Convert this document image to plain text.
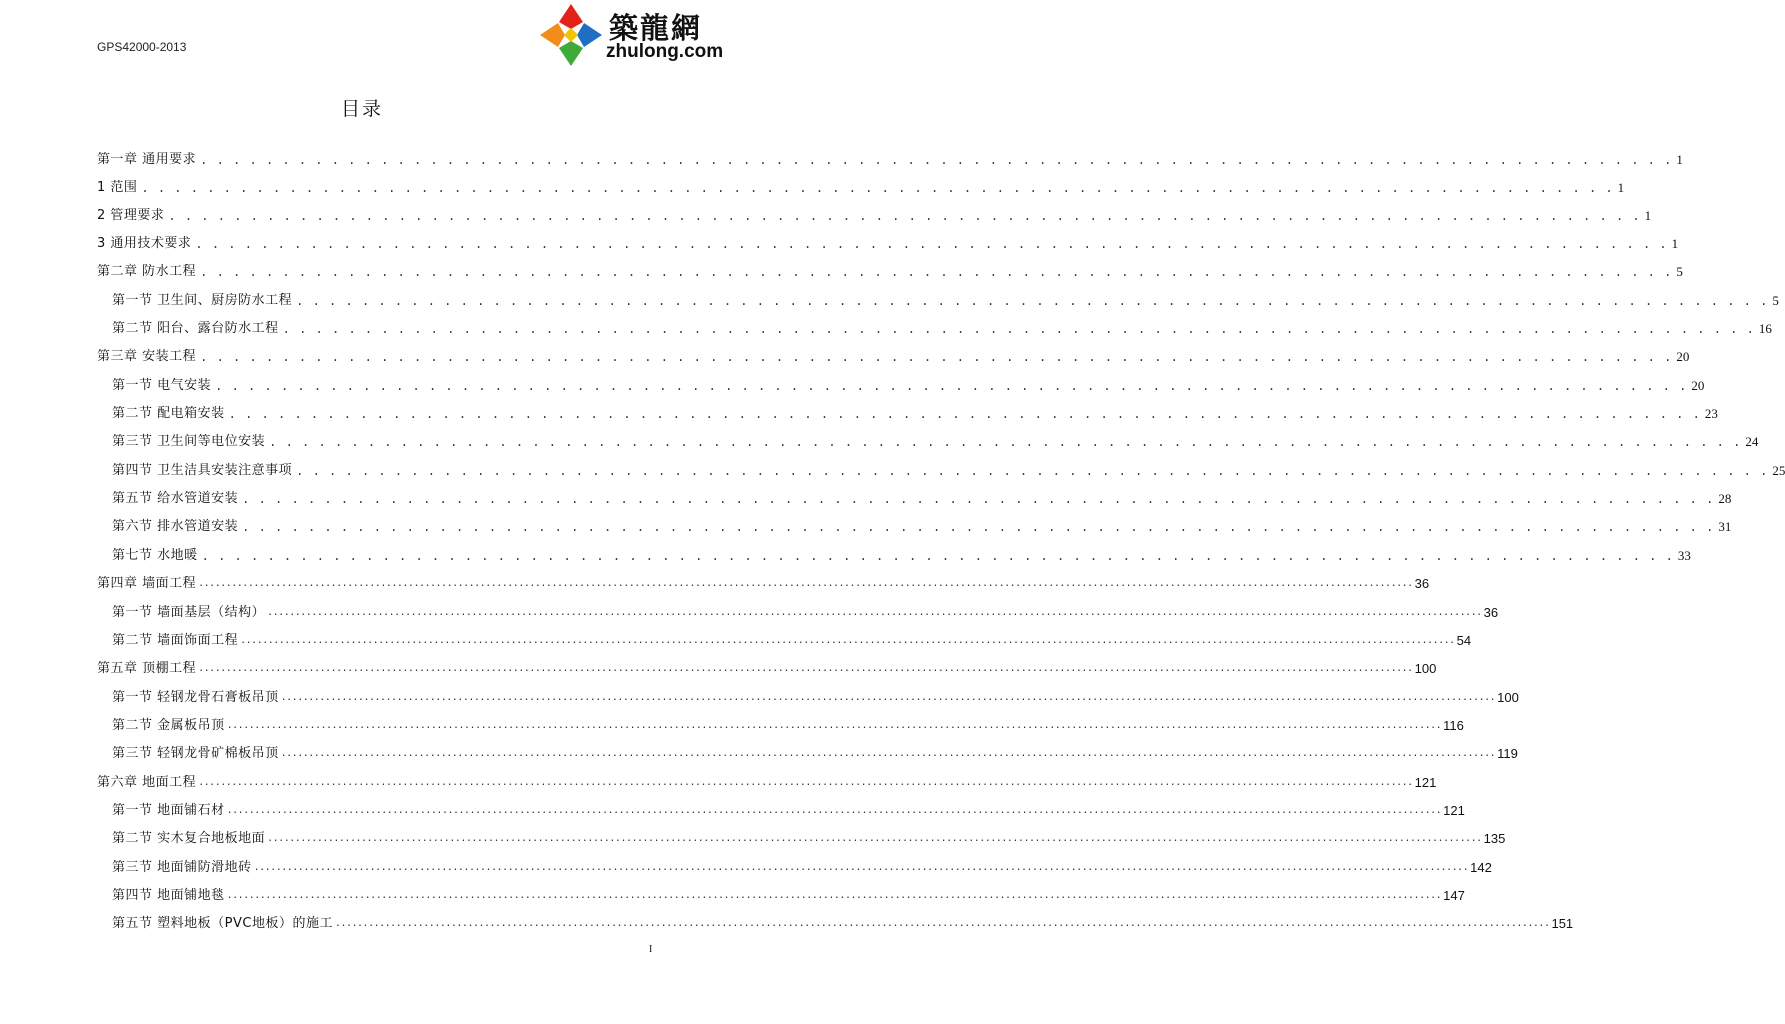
GPS42000-2013
築龍網
zhulong.com
目录
第一章 通用要求 . . . . . . . . . . . . . . . . . . . . . . . . . . . . . . . . . . . . . . . . . . . . . . . . . . . . . . . . . . . . . . . . . . . . . . . . . . . . . . . . . . . . . . . . . . 1
1 范围 . . . . . . . . . . . . . . . . . . . . . . . . . . . . . . . . . . . . . . . . . . . . . . . . . . . . . . . . . . . . . . . . . . . . . . . . . . . . . . . . . . . . . . . . . . 1
2 管理要求 . . . . . . . . . . . . . . . . . . . . . . . . . . . . . . . . . . . . . . . . . . . . . . . . . . . . . . . . . . . . . . . . . . . . . . . . . . . . . . . . . . . . . . . . . . 1
3 通用技术要求 . . . . . . . . . . . . . . . . . . . . . . . . . . . . . . . . . . . . . . . . . . . . . . . . . . . . . . . . . . . . . . . . . . . . . . . . . . . . . . . . . . . . . . . . . . 1
第二章 防水工程 . . . . . . . . . . . . . . . . . . . . . . . . . . . . . . . . . . . . . . . . . . . . . . . . . . . . . . . . . . . . . . . . . . . . . . . . . . . . . . . . . . . . . . . . . . 5
第一节 卫生间、厨房防水工程 . . . . . . . . . . . . . . . . . . . . . . . . . . . . . . . . . . . . . . . . . . . . . . . . . . . . . . . . . . . . . . . . . . . . . . . . . . . . . . . . . . . . . . . . . . 5
第二节 阳台、露台防水工程 . . . . . . . . . . . . . . . . . . . . . . . . . . . . . . . . . . . . . . . . . . . . . . . . . . . . . . . . . . . . . . . . . . . . . . . . . . . . . . . . . . . . . . . . . . 16
第三章 安装工程 . . . . . . . . . . . . . . . . . . . . . . . . . . . . . . . . . . . . . . . . . . . . . . . . . . . . . . . . . . . . . . . . . . . . . . . . . . . . . . . . . . . . . . . . . . 20
第一节 电气安装 . . . . . . . . . . . . . . . . . . . . . . . . . . . . . . . . . . . . . . . . . . . . . . . . . . . . . . . . . . . . . . . . . . . . . . . . . . . . . . . . . . . . . . . . . . 20
第二节 配电箱安装 . . . . . . . . . . . . . . . . . . . . . . . . . . . . . . . . . . . . . . . . . . . . . . . . . . . . . . . . . . . . . . . . . . . . . . . . . . . . . . . . . . . . . . . . . . 23
第三节 卫生间等电位安装 . . . . . . . . . . . . . . . . . . . . . . . . . . . . . . . . . . . . . . . . . . . . . . . . . . . . . . . . . . . . . . . . . . . . . . . . . . . . . . . . . . . . . . . . . . 24
第四节 卫生洁具安装注意事项 . . . . . . . . . . . . . . . . . . . . . . . . . . . . . . . . . . . . . . . . . . . . . . . . . . . . . . . . . . . . . . . . . . . . . . . . . . . . . . . . . . . . . . . . . . 25
第五节 给水管道安装 . . . . . . . . . . . . . . . . . . . . . . . . . . . . . . . . . . . . . . . . . . . . . . . . . . . . . . . . . . . . . . . . . . . . . . . . . . . . . . . . . . . . . . . . . . 28
第六节 排水管道安装 . . . . . . . . . . . . . . . . . . . . . . . . . . . . . . . . . . . . . . . . . . . . . . . . . . . . . . . . . . . . . . . . . . . . . . . . . . . . . . . . . . . . . . . . . . 31
第七节 水地暖 . . . . . . . . . . . . . . . . . . . . . . . . . . . . . . . . . . . . . . . . . . . . . . . . . . . . . . . . . . . . . . . . . . . . . . . . . . . . . . . . . . . . . . . . . . 33
第四章 墙面工程 ............................................................................................................................................................................................................................ 36
第一节 墙面基层（结构） ............................................................................................................................................................................................................................ 36
第二节 墙面饰面工程 ............................................................................................................................................................................................................................ 54
第五章 顶棚工程 ............................................................................................................................................................................................................................ 100
第一节 轻钢龙骨石膏板吊顶 ............................................................................................................................................................................................................................ 100
第二节 金属板吊顶 ............................................................................................................................................................................................................................ 116
第三节 轻钢龙骨矿棉板吊顶 ............................................................................................................................................................................................................................ 119
第六章 地面工程 ............................................................................................................................................................................................................................ 121
第一节 地面铺石材 ............................................................................................................................................................................................................................ 121
第二节 实木复合地板地面 ............................................................................................................................................................................................................................ 135
第三节 地面铺防滑地砖 ............................................................................................................................................................................................................................ 142
第四节 地面铺地毯 ............................................................................................................................................................................................................................ 147
第五节 塑料地板（PVC地板）的施工 ............................................................................................................................................................................................................................ 151
I
